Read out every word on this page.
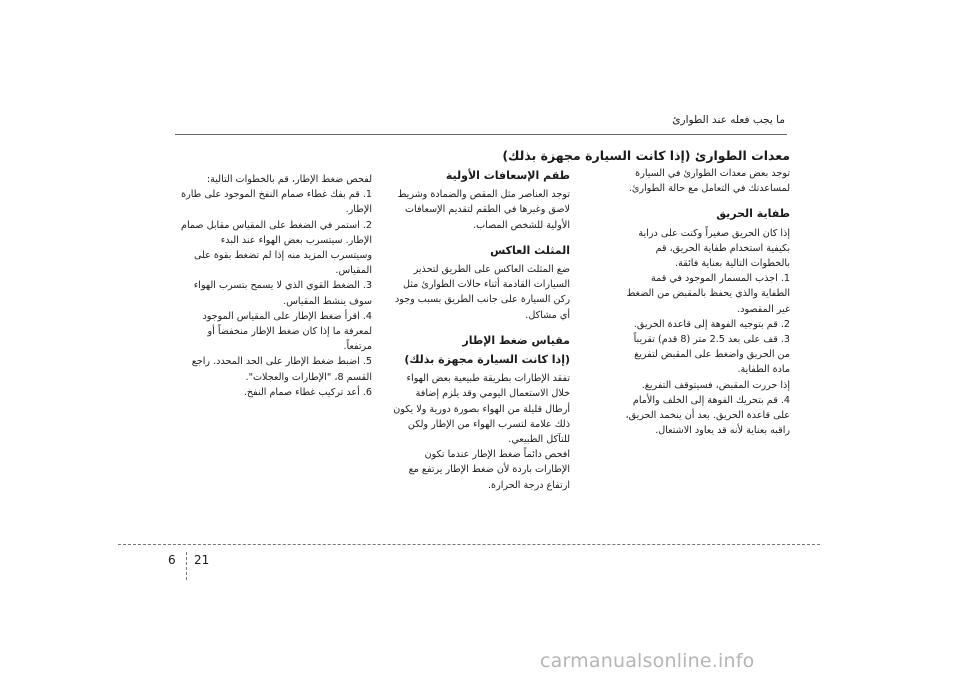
ما يجب فعله عند الطوارئ
معدات الطوارئ (إذا كانت السيارة مجهزة بذلك)

توجد بعض معدات الطوارئ في السيارة لمساعدتك في التعامل مع حالة الطوارئ.

طفاية الحريق

إذا كان الحريق صغيراً وكنت على دراية بكيفية استخدام طفاية الحريق، قم بالخطوات التالية بعناية فائقة.

1. اجذب المسمار الموجود في قمة الطفاية والذي يحفظ بالمقبض من الضغط غير المقصود.
2. قم بتوجيه الفوهة إلى قاعدة الحريق.
3. قف على بعد 2.5 متر (8 قدم) تقريباً من الحريق واضغط على المقبض لتفريغ مادة الطفاية.
إذا حررت المقبض، فسيتوقف التفريغ.
4. قم بتحريك الفوهة إلى الخلف والأمام على قاعدة الحريق. بعد أن ينخمد الحريق، راقبه بعناية لأنه قد يعاود الاشتعال.

طقم الإسعافات الأولية

توجد العناصر مثل المقص والضمادة وشريط لاصق وغيرها في الطقم لتقديم الإسعافات الأولية للشخص المصاب.

المثلث العاكس

ضع المثلث العاكس على الطريق لتحذير السيارات القادمة أثناء حالات الطوارئ مثل ركن السيارة على جانب الطريق بسبب وجود أي مشاكل.

مقياس ضغط الإطار

(إذا كانت السيارة مجهزة بذلك)

تفقد الإطارات بطريقة طبيعية بعض الهواء خلال الاستعمال اليومي وقد يلزم إضافة أرطال قليلة من الهواء بصورة دورية ولا يكون ذلك علامة لتسرب الهواء من الإطار ولكن للتآكل الطبيعي.

افحص دائماً ضغط الإطار عندما تكون الإطارات باردة لأن ضغط الإطار يرتفع مع ارتفاع درجة الحرارة.

لفحص ضغط الإطار، قم بالخطوات التالية:

1. قم بفك غطاء صمام النفخ الموجود على طارة الإطار.
2. استمر في الضغط على المقياس مقابل صمام الإطار. سيتسرب بعض الهواء عند البدء وسيتسرب المزيد منه إذا لم تضغط بقوة على المقياس.
3. الضغط القوي الذي لا يسمح بتسرب الهواء سوف ينشط المقياس.
4. اقرأ ضغط الإطار على المقياس الموجود لمعرفة ما إذا كان ضغط الإطار منخفضاً أو مرتفعاً.
5. اضبط ضغط الإطار على الحد المحدد. راجع القسم 8، "الإطارات والعجلات".
6. أعد تركيب غطاء صمام النفخ.
6 21
carmanualsonline.info
